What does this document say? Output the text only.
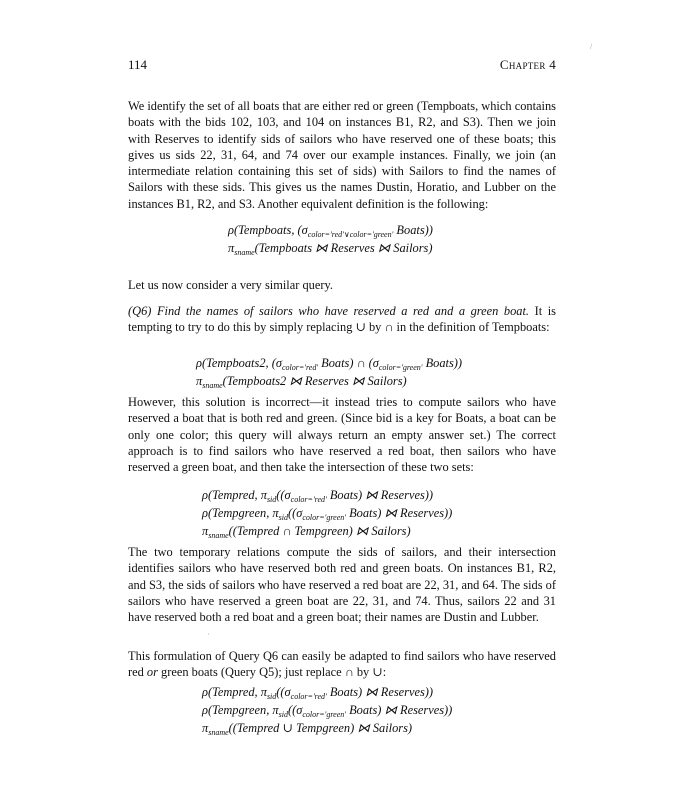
114	Chapter 4
/

We identify the set of all boats that are either red or green (Tempboats, which contains boats with the bids 102, 103, and 104 on instances B1, R2, and S3). Then we join with Reserves to identify sids of sailors who have reserved one of these boats; this gives us sids 22, 31, 64, and 74 over our example instances. Finally, we join (an intermediate relation containing this set of sids) with Sailors to find the names of Sailors with these sids. This gives us the names Dustin, Horatio, and Lubber on the instances B1, R2, and S3. Another equivalent definition is the following:

ρ(Tempboats, ($\sigma_{color='red'\vee color='green'}$ Boats))
$\pi_{sname}(Tempboats$ ⋈ Reserves ⋈ Sailors)

Let us now consider a very similar query.

(Q6) Find the names of sailors who have reserved a red and a green boat. It is tempting to try to do this by simply replacing ∪ by ∩ in the definition of Tempboats:

ρ(Tempboats2, ($\sigma_{color='red'}$ Boats) ∩ ($\sigma_{color='green'}$ Boats))
$\pi_{sname}(Tempboats2$ ⋈ Reserves ⋈ Sailors)

However, this solution is incorrect—it instead tries to compute sailors who have reserved a boat that is both red and green. (Since bid is a key for Boats, a boat can be only one color; this query will always return an empty answer set.) The correct approach is to find sailors who have reserved a red boat, then sailors who have reserved a green boat, and then take the intersection of these two sets:

ρ(Tempred, $\pi_{sid}((\sigma_{color='red'}$ Boats) ⋈ Reserves))
ρ(Tempgreen, $\pi_{sid}((\sigma_{color='green'}$ Boats) ⋈ Reserves))
$\pi_{sname}((Tempred$ ∩ Tempgreen) ⋈ Sailors)

The two temporary relations compute the sids of sailors, and their intersection identifies sailors who have reserved both red and green boats. On instances B1, R2, and S3, the sids of sailors who have reserved a red boat are 22, 31, and 64. The sids of sailors who have reserved a green boat are 22, 31, and 74. Thus, sailors 22 and 31 have reserved both a red boat and a green boat; their names are Dustin and Lubber.

·

This formulation of Query Q6 can easily be adapted to find sailors who have reserved red or green boats (Query Q5); just replace ∩ by ∪:

ρ(Tempred, $\pi_{sid}((\sigma_{color='red'}$ Boats) ⋈ Reserves))
ρ(Tempgreen, $\pi_{sid}((\sigma_{color='green'}$ Boats) ⋈ Reserves))
$\pi_{sname}((Tempred$ ∪ Tempgreen) ⋈ Sailors)
